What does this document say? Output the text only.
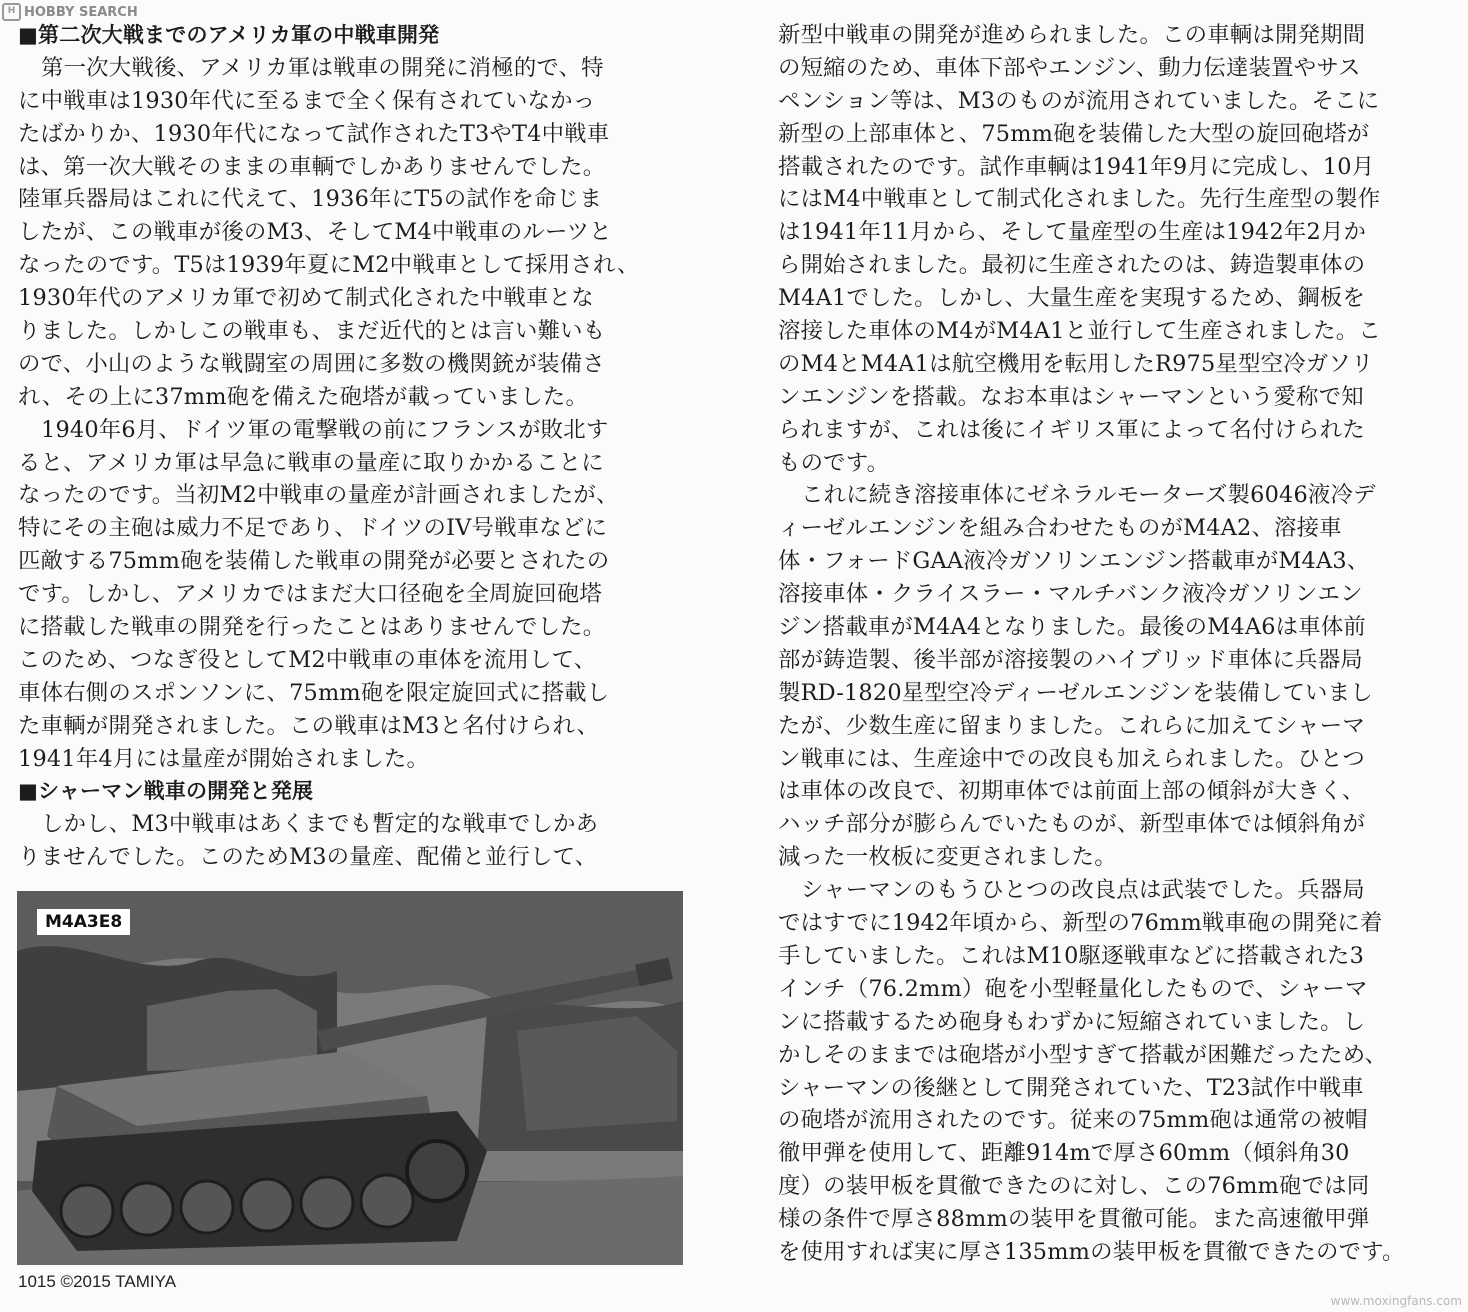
H HOBBY SEARCH
■第二次大戦までのアメリカ軍の中戦車開発
第一次大戦後、アメリカ軍は戦車の開発に消極的で、特
に中戦車は1930年代に至るまで全く保有されていなかっ
たばかりか、1930年代になって試作されたT3やT4中戦車
は、第一次大戦そのままの車輌でしかありませんでした。
陸軍兵器局はこれに代えて、1936年にT5の試作を命じま
したが、この戦車が後のM3、そしてM4中戦車のルーツと
なったのです。T5は1939年夏にM2中戦車として採用され、
1930年代のアメリカ軍で初めて制式化された中戦車とな
りました。しかしこの戦車も、まだ近代的とは言い難いも
ので、小山のような戦闘室の周囲に多数の機関銃が装備さ
れ、その上に37mm砲を備えた砲塔が載っていました。
1940年6月、ドイツ軍の電撃戦の前にフランスが敗北す
ると、アメリカ軍は早急に戦車の量産に取りかかることに
なったのです。当初M2中戦車の量産が計画されましたが、
特にその主砲は威力不足であり、ドイツのIV号戦車などに
匹敵する75mm砲を装備した戦車の開発が必要とされたの
です。しかし、アメリカではまだ大口径砲を全周旋回砲塔
に搭載した戦車の開発を行ったことはありませんでした。
このため、つなぎ役としてM2中戦車の車体を流用して、
車体右側のスポンソンに、75mm砲を限定旋回式に搭載し
た車輌が開発されました。この戦車はM3と名付けられ、
1941年4月には量産が開始されました。
■シャーマン戦車の開発と発展
しかし、M3中戦車はあくまでも暫定的な戦車でしかあ
りませんでした。このためM3の量産、配備と並行して、
M4A3E8
1015 ©2015 TAMIYA
新型中戦車の開発が進められました。この車輌は開発期間
の短縮のため、車体下部やエンジン、動力伝達装置やサス
ペンション等は、M3のものが流用されていました。そこに
新型の上部車体と、75mm砲を装備した大型の旋回砲塔が
搭載されたのです。試作車輌は1941年9月に完成し、10月
にはM4中戦車として制式化されました。先行生産型の製作
は1941年11月から、そして量産型の生産は1942年2月か
ら開始されました。最初に生産されたのは、鋳造製車体の
M4A1でした。しかし、大量生産を実現するため、鋼板を
溶接した車体のM4がM4A1と並行して生産されました。こ
のM4とM4A1は航空機用を転用したR975星型空冷ガソリ
ンエンジンを搭載。なお本車はシャーマンという愛称で知
られますが、これは後にイギリス軍によって名付けられた
ものです。
これに続き溶接車体にゼネラルモーターズ製6046液冷デ
ィーゼルエンジンを組み合わせたものがM4A2、溶接車
体・フォードGAA液冷ガソリンエンジン搭載車がM4A3、
溶接車体・クライスラー・マルチバンク液冷ガソリンエン
ジン搭載車がM4A4となりました。最後のM4A6は車体前
部が鋳造製、後半部が溶接製のハイブリッド車体に兵器局
製RD-1820星型空冷ディーゼルエンジンを装備していまし
たが、少数生産に留まりました。これらに加えてシャーマ
ン戦車には、生産途中での改良も加えられました。ひとつ
は車体の改良で、初期車体では前面上部の傾斜が大きく、
ハッチ部分が膨らんでいたものが、新型車体では傾斜角が
減った一枚板に変更されました。
シャーマンのもうひとつの改良点は武装でした。兵器局
ではすでに1942年頃から、新型の76mm戦車砲の開発に着
手していました。これはM10駆逐戦車などに搭載された3
インチ（76.2mm）砲を小型軽量化したもので、シャーマ
ンに搭載するため砲身もわずかに短縮されていました。し
かしそのままでは砲塔が小型すぎて搭載が困難だったため、
シャーマンの後継として開発されていた、T23試作中戦車
の砲塔が流用されたのです。従来の75mm砲は通常の被帽
徹甲弾を使用して、距離914mで厚さ60mm（傾斜角30
度）の装甲板を貫徹できたのに対し、この76mm砲では同
様の条件で厚さ88mmの装甲を貫徹可能。また高速徹甲弾
を使用すれば実に厚さ135mmの装甲板を貫徹できたのです。
www.moxingfans.com
